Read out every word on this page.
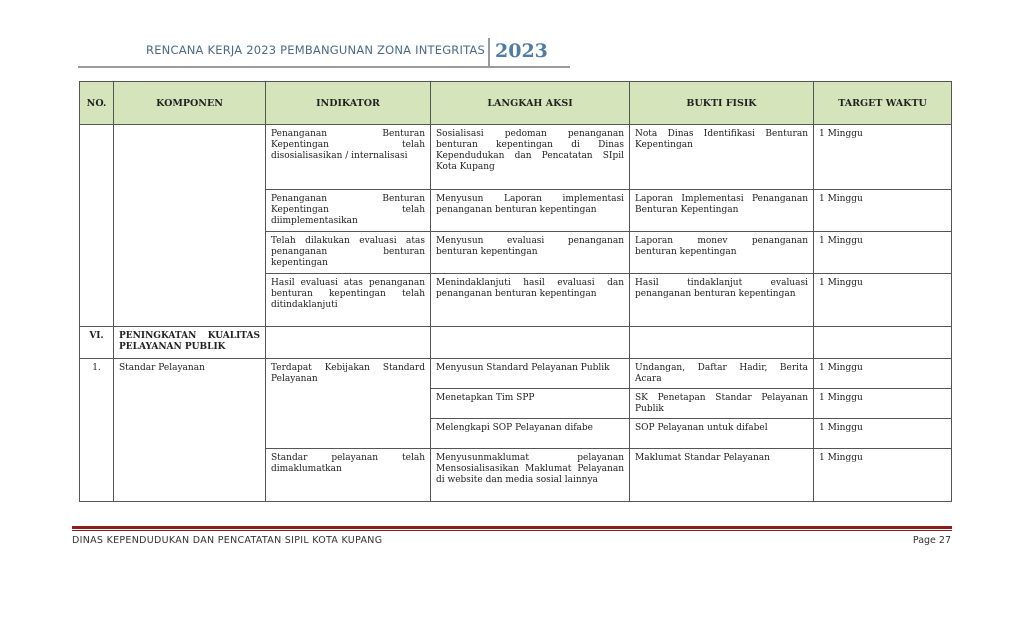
RENCANA KERJA 2023 PEMBANGUNAN ZONA INTEGRITAS 2023
NO.	KOMPONEN	INDIKATOR	LANGKAH AKSI	BUKTI FISIK	TARGET WAKTU
		Penanganan Benturan Kepentingan telah disosialisasikan / internalisasi	Sosialisasi pedoman penanganan benturan kepentingan di Dinas Kependudukan dan Pencatatan SIpil Kota Kupang	Nota Dinas Identifikasi Benturan Kepentingan	1 Minggu
		Penanganan Benturan Kepentingan telah diimplementasikan	Menyusun Laporan implementasi penanganan benturan kepentingan	Laporan Implementasi Penanganan Benturan Kepentingan	1 Minggu
		Telah dilakukan evaluasi atas penanganan benturan kepentingan	Menyusun evaluasi penanganan benturan kepentingan	Laporan monev penanganan benturan kepentingan	1 Minggu
		Hasil evaluasi atas penanganan benturan kepentingan telah ditindaklanjuti	Menindaklanjuti hasil evaluasi dan penanganan benturan kepentingan	Hasil tindaklanjut evaluasi penanganan benturan kepentingan	1 Minggu
VI.	PENINGKATAN KUALITAS PELAYANAN PUBLIK				
1.	Standar Pelayanan	Terdapat Kebijakan Standard Pelayanan	Menyusun Standard Pelayanan Publik	Undangan, Daftar Hadir, Berita Acara	1 Minggu
			Menetapkan Tim SPP	SK Penetapan Standar Pelayanan Publik	1 Minggu
			Melengkapi SOP Pelayanan difabe	SOP Pelayanan untuk difabel	1 Minggu
		Standar pelayanan telah dimaklumatkan	Menyusunmaklumat pelayanan Mensosialisasikan Maklumat Pelayanan di website dan media sosial lainnya	Maklumat Standar Pelayanan	1 Minggu
DINAS KEPENDUDUKAN DAN PENCATATAN SIPIL KOTA KUPANG	Page 27
